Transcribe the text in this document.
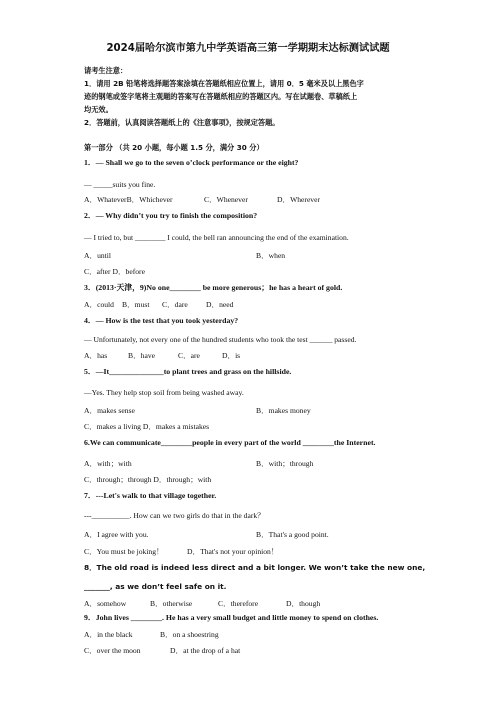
2024届哈尔滨市第九中学英语高三第一学期期末达标测试试题
请考生注意：
1．请用 2B 铅笔将选择题答案涂填在答题纸相应位置上，请用 0．5 毫米及以上黑色字
迹的钢笔或签字笔将主观题的答案写在答题纸相应的答题区内。写在试题卷、草稿纸上
均无效。
2．答题前，认真阅读答题纸上的《注意事项》，按规定答题。
第一部分 （共 20 小题，每小题 1.5 分，满分 30 分）
1．— Shall we go to the seven o’clock performance or the eight?
— _____suits you fine.
A．WhateverB．Whichever	C．Whenever	D．Wherever
2．— Why didn’t you try to finish the composition?
— I tried to, but ________ I could, the bell ran announcing the end of the examination.
A．until	B．when
C．after D．before
3．(2013·天津，9)No one________ be more generous；he has a heart of gold.
A．could B．must C．dare D．need
4．— How is the test that you took yesterday?
— Unfortunately, not every one of the hundred students who took the test ______ passed.
A．has	B．have	C．are	D．is
5．—It______________to plant trees and grass on the hillside.
—Yes. They help stop soil from being washed away.
A．makes sense	B．makes money
C．makes a living D．makes a mistakes
6.We can communicate________people in every part of the world ________the Internet.
A．with；with	B．with；through
C．through；through D．through；with
7．---Let's walk to that village together.
---__________. How can we two girls do that in the dark？
A．I agree with you.	B．That's a good point.
C．You must be joking！	D．That's not your opinion！
8．The old road is indeed less direct and a bit longer. We won’t take the new one,
_______, as we don’t feel safe on it.
A．somehow	B．otherwise	C．therefore	D．though
9．John lives ________. He has a very small budget and little money to spend on clothes.
A．in the black	B．on a shoestring
C．over the moon	D．at the drop of a hat
